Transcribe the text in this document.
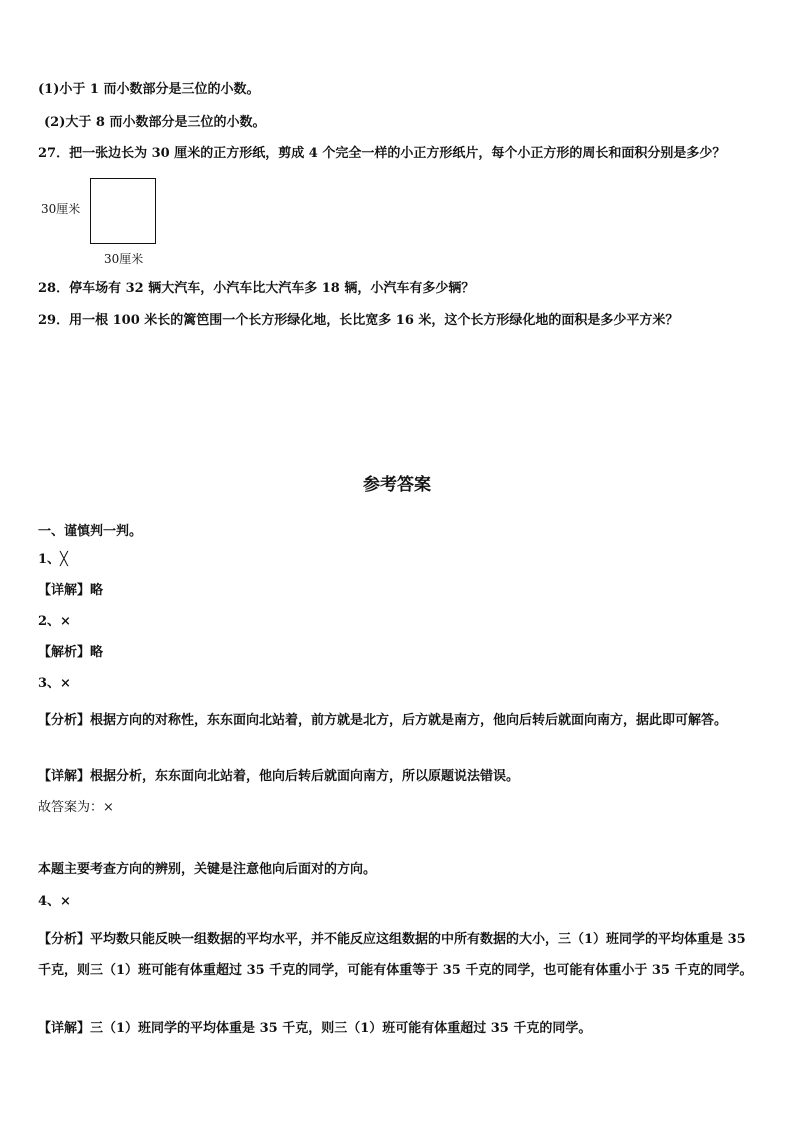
(1)小于 1 而小数部分是三位的小数。
(2)大于 8 而小数部分是三位的小数。
27．把一张边长为 30 厘米的正方形纸，剪成 4 个完全一样的小正方形纸片，每个小正方形的周长和面积分别是多少？
30厘米
30厘米
28．停车场有 32 辆大汽车，小汽车比大汽车多 18 辆，小汽车有多少辆？
29．用一根 100 米长的篱笆围一个长方形绿化地，长比宽多 16 米，这个长方形绿化地的面积是多少平方米？
参考答案
一、谨慎判一判。
1、╳
【详解】略
2、×
【解析】略
3、×
【分析】根据方向的对称性，东东面向北站着，前方就是北方，后方就是南方，他向后转后就面向南方，据此即可解答。
【详解】根据分析，东东面向北站着，他向后转后就面向南方，所以原题说法错误。
故答案为：×
本题主要考查方向的辨别，关键是注意他向后面对的方向。
4、×
【分析】平均数只能反映一组数据的平均水平，并不能反应这组数据的中所有数据的大小，三（1）班同学的平均体重是 35 千克，则三（1）班可能有体重超过 35 千克的同学，可能有体重等于 35 千克的同学，也可能有体重小于 35 千克的同学。
【详解】三（1）班同学的平均体重是 35 千克，则三（1）班可能有体重超过 35 千克的同学。
